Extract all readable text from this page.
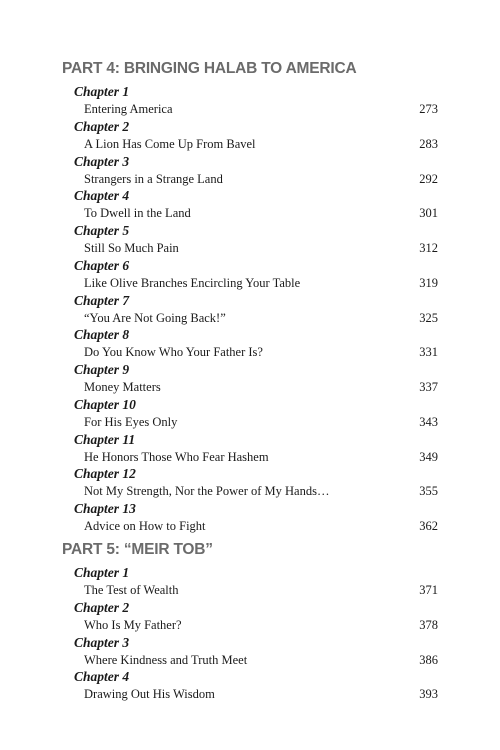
PART 4: BRINGING HALAB TO AMERICA
Chapter 1
Entering America	273
Chapter 2
A Lion Has Come Up From Bavel	283
Chapter 3
Strangers in a Strange Land	292
Chapter 4
To Dwell in the Land	301
Chapter 5
Still So Much Pain	312
Chapter 6
Like Olive Branches Encircling Your Table	319
Chapter 7
“You Are Not Going Back!”	325
Chapter 8
Do You Know Who Your Father Is?	331
Chapter 9
Money Matters	337
Chapter 10
For His Eyes Only	343
Chapter 11
He Honors Those Who Fear Hashem	349
Chapter 12
Not My Strength, Nor the Power of My Hands…	355
Chapter 13
Advice on How to Fight	362
PART 5: “MEIR TOB”
Chapter 1
The Test of Wealth	371
Chapter 2
Who Is My Father?	378
Chapter 3
Where Kindness and Truth Meet	386
Chapter 4
Drawing Out His Wisdom	393
